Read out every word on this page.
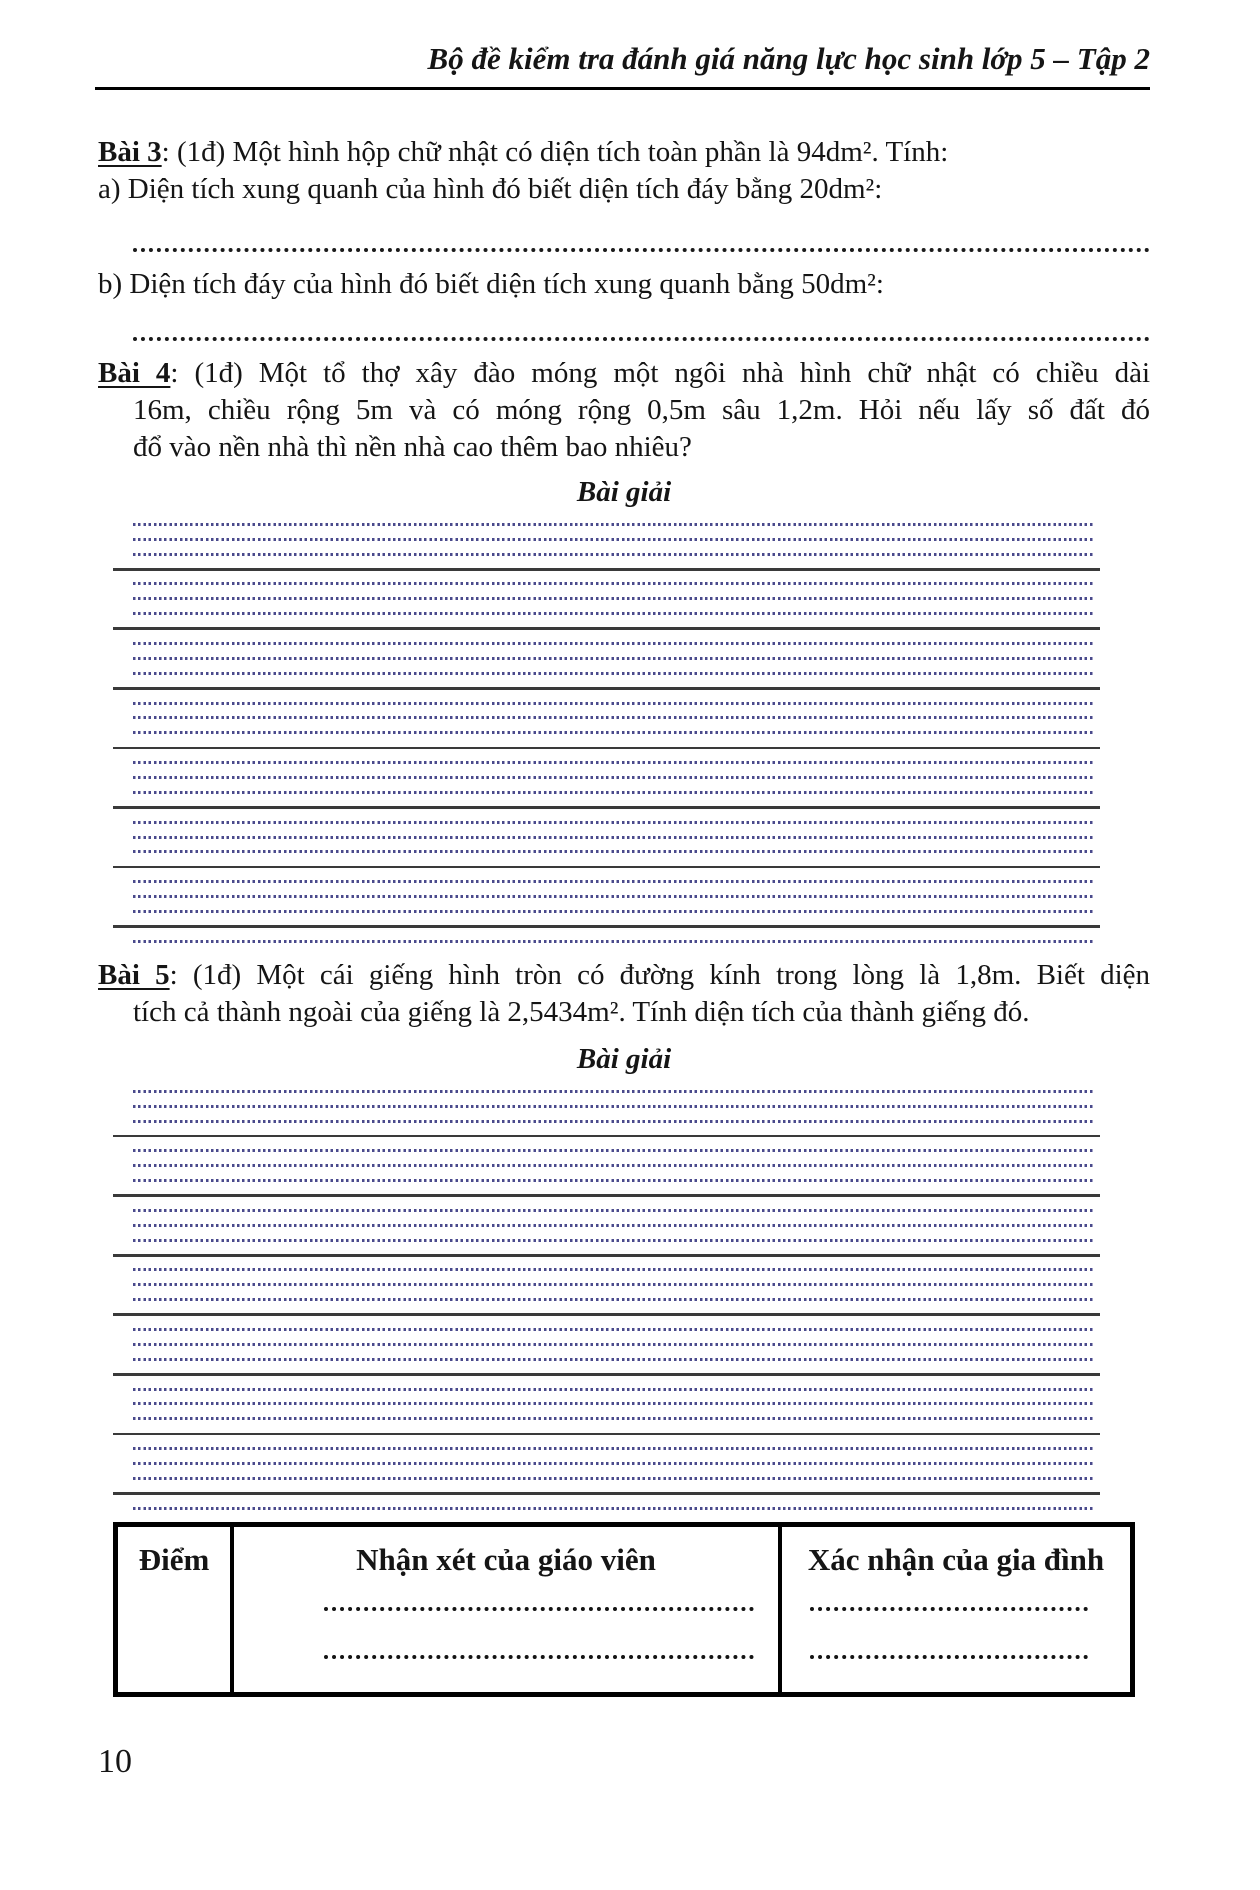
Bộ đề kiểm tra đánh giá năng lực học sinh lớp 5 – Tập 2
Bài 3: (1đ) Một hình hộp chữ nhật có diện tích toàn phần là 94dm². Tính:
a) Diện tích xung quanh của hình đó biết diện tích đáy bằng 20dm²:
b) Diện tích đáy của hình đó biết diện tích xung quanh bằng 50dm²:
Bài 4: (1đ) Một tổ thợ xây đào móng một ngôi nhà hình chữ nhật có chiều dài
16m, chiều rộng 5m và có móng rộng 0,5m sâu 1,2m. Hỏi nếu lấy số đất đó
đổ vào nền nhà thì nền nhà cao thêm bao nhiêu?
Bài giải
Bài 5: (1đ) Một cái giếng hình tròn có đường kính trong lòng là 1,8m. Biết diện
tích cả thành ngoài của giếng là 2,5434m². Tính diện tích của thành giếng đó.
Bài giải
Điểm	Nhận xét của giáo viên	Xác nhận của gia đình
10
